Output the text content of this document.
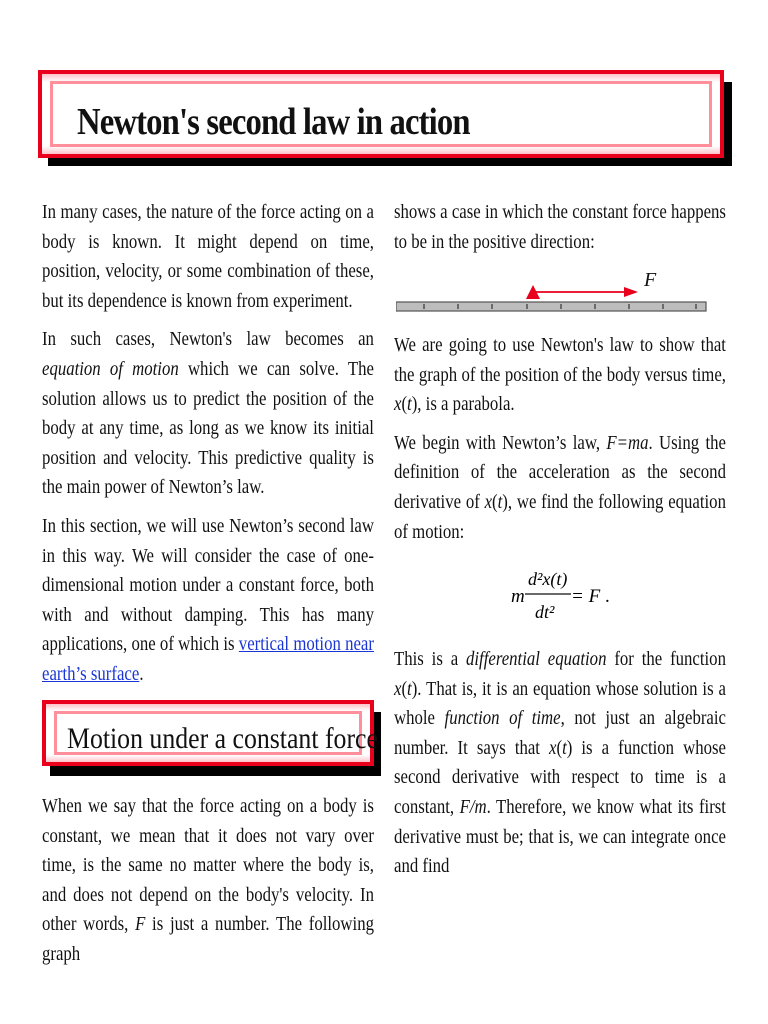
Newton's second law in action

In many cases, the nature of the force acting on a body is known. It might depend on time, position, velocity, or some combination of these, but its dependence is known from experiment.

In such cases, Newton's law becomes an equation of motion which we can solve. The solution allows us to predict the position of the body at any time, as long as we know its initial position and velocity. This predictive quality is the main power of Newton’s law.

In this section, we will use Newton’s second law in this way. We will consider the case of one-dimensional motion under a constant force, both with and without damping. This has many applications, one of which is vertical motion near earth’s surface.

Motion under a constant force

When we say that the force acting on a body is constant, we mean that it does not vary over time, is the same no matter where the body is, and does not depend on the body's velocity. In other words, F is just a number. The following graph

shows a case in which the constant force happens to be in the positive direction:

F

We are going to use Newton's law to show that the graph of the position of the body versus time, x(t), is a parabola.

We begin with Newton’s law, F=ma. Using the definition of the acceleration as the second derivative of x(t), we find the following equation of motion:

m
d²x(t)
dt²
= F .

This is a differential equation for the function x(t). That is, it is an equation whose solution is a whole function of time, not just an algebraic number. It says that x(t) is a function whose second derivative with respect to time is a constant, F/m. Therefore, we know what its first derivative must be; that is, we can integrate once and find
